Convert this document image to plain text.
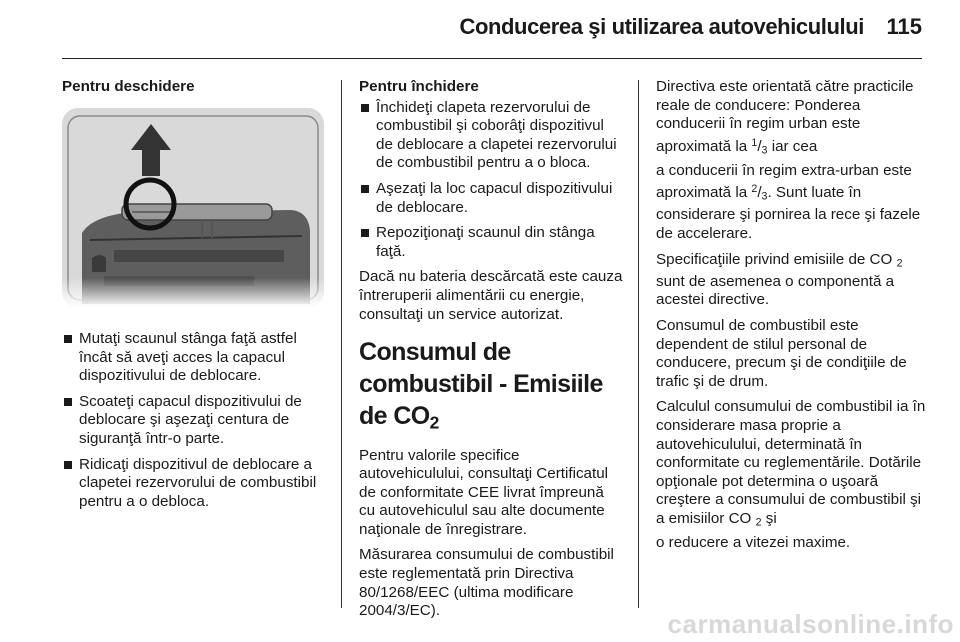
Conducerea şi utilizarea autovehiculului 115
Pentru deschidere
Mutaţi scaunul stânga faţă astfel încât să aveţi acces la capacul dispozitivului de deblocare.
Scoateţi capacul dispozitivului de deblocare şi aşezaţi centura de siguranţă într-o parte.
Ridicaţi dispozitivul de deblocare a clapetei rezervorului de combustibil pentru a o debloca.
Pentru închidere
Închideţi clapeta rezervorului de combustibil şi coborâţi dispozitivul de deblocare a clapetei rezervorului de combustibil pentru a o bloca.
Aşezaţi la loc capacul dispozitivului de deblocare.
Repoziţionaţi scaunul din stânga faţă.

Dacă nu bateria descărcată este cauza întreruperii alimentării cu energie, consultaţi un service autorizat.

Consumul de combustibil - Emisiile de $CO_2$

Pentru valorile specifice autovehiculului, consultaţi Certificatul de conformitate CEE livrat împreună cu autovehiculul sau alte documente naţionale de înregistrare.

Măsurarea consumului de combustibil este reglementată prin Directiva 80/1268/EEC (ultima modificare 2004/3/EC).

Directiva este orientată către practicile reale de conducere: Ponderea conducerii în regim urban este aproximată la $^1/_3$ iar cea

a conducerii în regim extra-urban este aproximată la $^2/_3$. Sunt luate în considerare şi pornirea la rece şi fazele de accelerare.

Specificaţiile privind emisiile de CO $_2$ sunt de asemenea o componentă a acestei directive.

Consumul de combustibil este dependent de stilul personal de conducere, precum şi de condiţiile de trafic şi de drum.

Calculul consumului de combustibil ia în considerare masa proprie a autovehiculului, determinată în conformitate cu reglementările. Dotările opţionale pot determina o uşoară creştere a consumului de combustibil şi a emisiilor CO $_2$ şi

o reducere a vitezei maxime.

carmanualsonline.info
